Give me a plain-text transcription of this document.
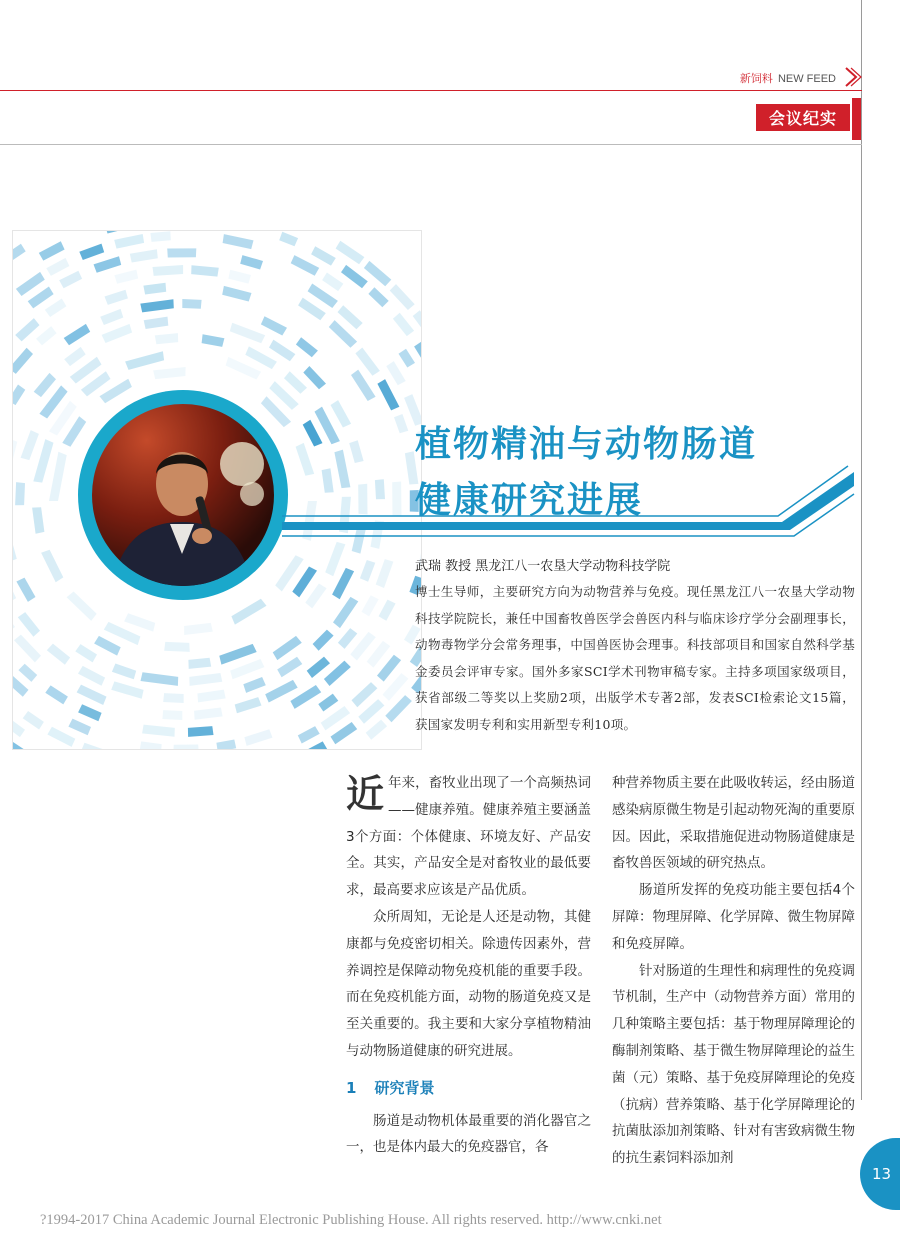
新饲料 NEW FEED
会议纪实
植物精油与动物肠道
健康研究进展
武瑞 教授 黑龙江八一农垦大学动物科技学院
博士生导师，主要研究方向为动物营养与免疫。现任黑龙江八一农垦大学动物科技学院院长，兼任中国畜牧兽医学会兽医内科与临床诊疗学分会副理事长，动物毒物学分会常务理事，中国兽医协会理事。科技部项目和国家自然科学基金委员会评审专家。国外多家SCI学术刊物审稿专家。主持多项国家级项目，获省部级二等奖以上奖励2项，出版学术专著2部，发表SCI检索论文15篇，获国家发明专利和实用新型专利10项。

近年来，畜牧业出现了一个高频热词——健康养殖。健康养殖主要涵盖3个方面：个体健康、环境友好、产品安全。其实，产品安全是对畜牧业的最低要求，最高要求应该是产品优质。

众所周知，无论是人还是动物，其健康都与免疫密切相关。除遗传因素外，营养调控是保障动物免疫机能的重要手段。而在免疫机能方面，动物的肠道免疫又是至关重要的。我主要和大家分享植物精油与动物肠道健康的研究进展。

1 研究背景

肠道是动物机体最重要的消化器官之一，也是体内最大的免疫器官，各

种营养物质主要在此吸收转运，经由肠道感染病原微生物是引起动物死淘的重要原因。因此，采取措施促进动物肠道健康是畜牧兽医领域的研究热点。

肠道所发挥的免疫功能主要包括4个屏障：物理屏障、化学屏障、微生物屏障和免疫屏障。

针对肠道的生理性和病理性的免疫调节机制，生产中（动物营养方面）常用的几种策略主要包括：基于物理屏障理论的酶制剂策略、基于微生物屏障理论的益生菌（元）策略、基于免疫屏障理论的免疫（抗病）营养策略、基于化学屏障理论的抗菌肽添加剂策略、针对有害致病微生物的抗生素饲料添加剂

13
?1994-2017 China Academic Journal Electronic Publishing House. All rights reserved. http://www.cnki.net
